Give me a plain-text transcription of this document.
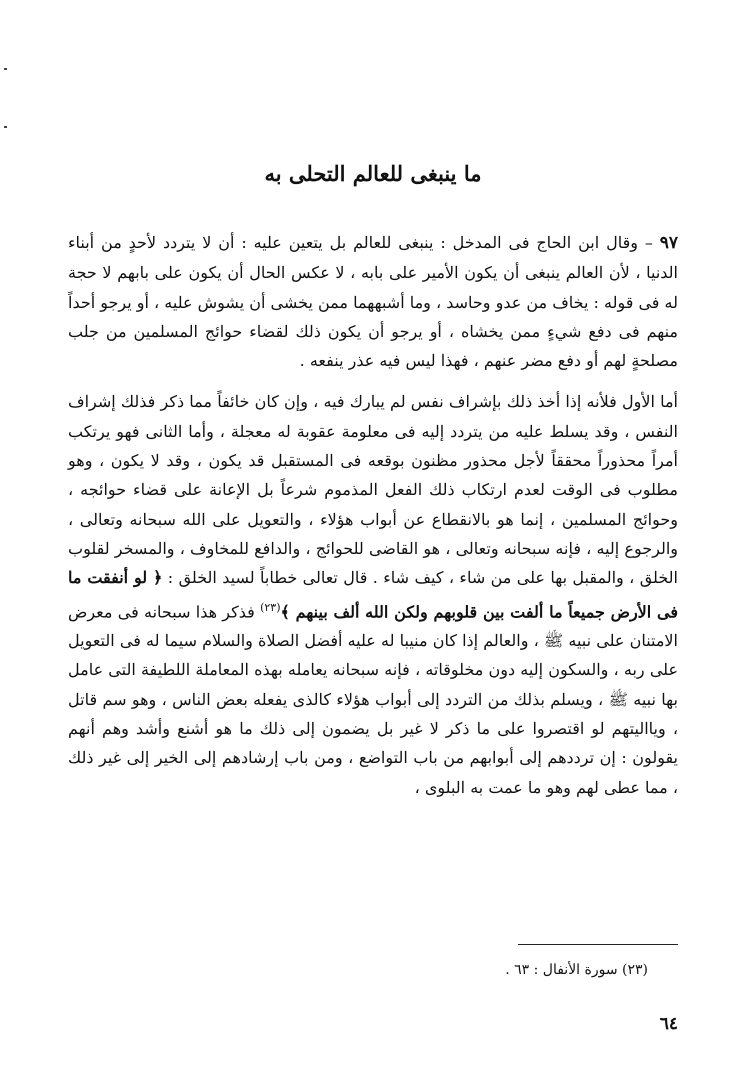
ما ينبغى للعالم التحلى به

٩٧ – وقال ابن الحاج فى المدخل : ينبغى للعالم بل يتعين عليه : أن لا يتردد لأحدٍ من أبناء الدنيا ، لأن العالم ينبغى أن يكون الأمير على بابه ، لا عكس الحال أن يكون على بابهم لا حجة له فى قوله : يخاف من عدو وحاسد ، وما أشبههما ممن يخشى أن يشوش عليه ، أو يرجو أحداً منهم فى دفع شيءٍ ممن يخشاه ، أو يرجو أن يكون ذلك لقضاء حوائج المسلمين من جلب مصلحةٍ لهم أو دفع مضر عنهم ، فهذا ليس فيه عذر ينفعه .

أما الأول فلأنه إذا أخذ ذلك بإشراف نفس لم يبارك فيه ، وإن كان خائفاً مما ذكر فذلك إشراف النفس ، وقد يسلط عليه من يتردد إليه فى معلومة عقوبة له معجلة ، وأما الثانى فهو يرتكب أمراً محذوراً محققاً لأجل محذور مظنون بوقعه فى المستقبل قد يكون ، وقد لا يكون ، وهو مطلوب فى الوقت لعدم ارتكاب ذلك الفعل المذموم شرعاً بل الإعانة على قضاء حوائجه ، وحوائج المسلمين ، إنما هو بالانقطاع عن أبواب هؤلاء ، والتعويل على الله سبحانه وتعالى ، والرجوع إليه ، فإنه سبحانه وتعالى ، هو القاضى للحوائج ، والدافع للمخاوف ، والمسخر لقلوب الخلق ، والمقبل بها على من شاء ، كيف شاء . قال تعالى خطاباً لسيد الخلق : ﴿ لو أنفقت ما فى الأرض جميعاً ما ألفت بين قلوبهم ولكن الله ألف بينهم ﴾$^{(٢٣)}$ فذكر هذا سبحانه فى معرض الامتنان على نبيه ﷺ ، والعالم إذا كان منيبا له عليه أفضل الصلاة والسلام سيما له فى التعويل على ربه ، والسكون إليه دون مخلوقاته ، فإنه سبحانه يعامله بهذه المعاملة اللطيفة التى عامل بها نبيه ﷺ ، ويسلم بذلك من التردد إلى أبواب هؤلاء كالذى يفعله بعض الناس ، وهو سم قاتل ، ويااليتهم لو اقتصروا على ما ذكر لا غير بل يضمون إلى ذلك ما هو أشنع وأشد وهم أنهم يقولون : إن ترددهم إلى أبوابهم من باب التواضع ، ومن باب إرشادهم إلى الخير إلى غير ذلك ، مما عطى لهم وهو ما عمت به البلوى ،

(٢٣) سورة الأنفال : ٦٣ .
٦٤
